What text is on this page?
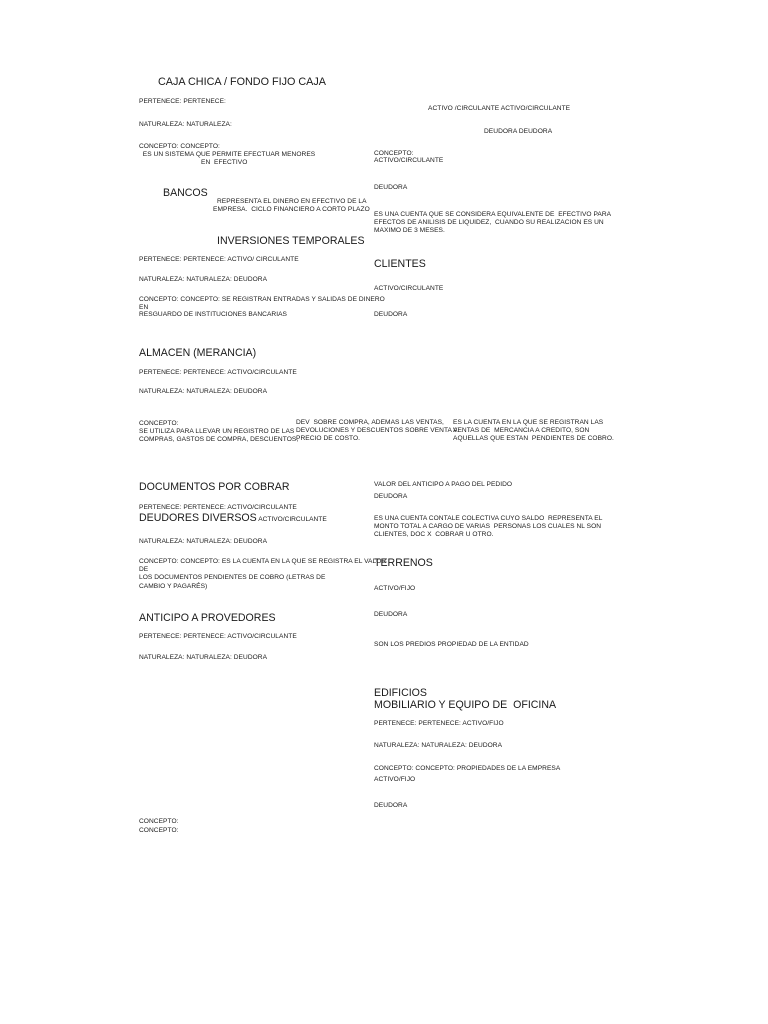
CAJA CHICA / FONDO FIJO CAJA
PERTENECE: PERTENECE:
ACTIVO /CIRCULANTE ACTIVO/CIRCULANTE
NATURALEZA: NATURALEZA:
DEUDORA DEUDORA
CONCEPTO: CONCEPTO:
ES UN SISTEMA QUE PERMITE EFECTUAR MENORES
EN  EFECTIVO
CONCEPTO:
ACTIVO/CIRCULANTE
DEUDORA
BANCOS
REPRESENTA EL DINERO EN EFECTIVO DE LA
EMPRESA.  CICLO FINANCIERO A CORTO PLAZO
ES UNA CUENTA QUE SE CONSIDERA EQUIVALENTE DE  EFECTIVO PARA
EFECTOS DE ANILISIS DE LIQUIDEZ,  CUANDO SU REALIZACION ES UN
MAXIMO DE 3 MESES.
INVERSIONES TEMPORALES
PERTENECE: PERTENECE: ACTIVO/ CIRCULANTE	CLIENTES
NATURALEZA: NATURALEZA: DEUDORA
ACTIVO/CIRCULANTE
CONCEPTO: CONCEPTO: SE REGISTRAN ENTRADAS Y SALIDAS DE DINERO
EN
RESGUARDO DE INSTITUCIONES BANCARIAS	DEUDORA
ALMACEN (MERANCIA)
PERTENECE: PERTENECE: ACTIVO/CIRCULANTE
NATURALEZA: NATURALEZA: DEUDORA
CONCEPTO:
SE UTILIZA PARA LLEVAR UN REGISTRO DE LAS
COMPRAS, GASTOS DE COMPRA, DESCUENTOS,
DEV  SOBRE COMPRA, ADEMAS LAS VENTAS,
DEVOLUCIONES Y DESCUENTOS SOBRE VENTA A
PRECIO DE COSTO.
ES LA CUENTA EN LA QUE SE REGISTRAN LAS
VENTAS DE  MERCANCIA A CREDITO, SON
AQUELLAS QUE ESTAN  PENDIENTES DE COBRO.
VALOR DEL ANTICIPO A PAGO DEL PEDIDO
DOCUMENTOS POR COBRAR
DEUDORA
PERTENECE: PERTENECE: ACTIVO/CIRCULANTE
DEUDORES DIVERSOS ACTIVO/CIRCULANTE	ES UNA CUENTA CONTALE COLECTIVA CUYO SALDO  REPRESENTA EL
MONTO TOTAL A CARGO DE VARIAS  PERSONAS LOS CUALES NL SON
CLIENTES, DOC X  COBRAR U OTRO.
NATURALEZA: NATURALEZA: DEUDORA
CONCEPTO: CONCEPTO: ES LA CUENTA EN LA QUE SE REGISTRA EL VALOR
DE
LOS DOCUMENTOS PENDIENTES DE COBRO (LETRAS DE
CAMBIO Y PAGARÉS)
TERRENOS
ACTIVO/FIJO
DEUDORA
SON LOS PREDIOS PROPIEDAD DE LA ENTIDAD
ANTICIPO A PROVEDORES
PERTENECE: PERTENECE: ACTIVO/CIRCULANTE
NATURALEZA: NATURALEZA: DEUDORA
EDIFICIOS
MOBILIARIO Y EQUIPO DE  OFICINA
PERTENECE: PERTENECE: ACTIVO/FIJO
NATURALEZA: NATURALEZA: DEUDORA
CONCEPTO: CONCEPTO: PROPIEDADES DE LA EMPRESA
ACTIVO/FIJO
DEUDORA
CONCEPTO:
CONCEPTO:
